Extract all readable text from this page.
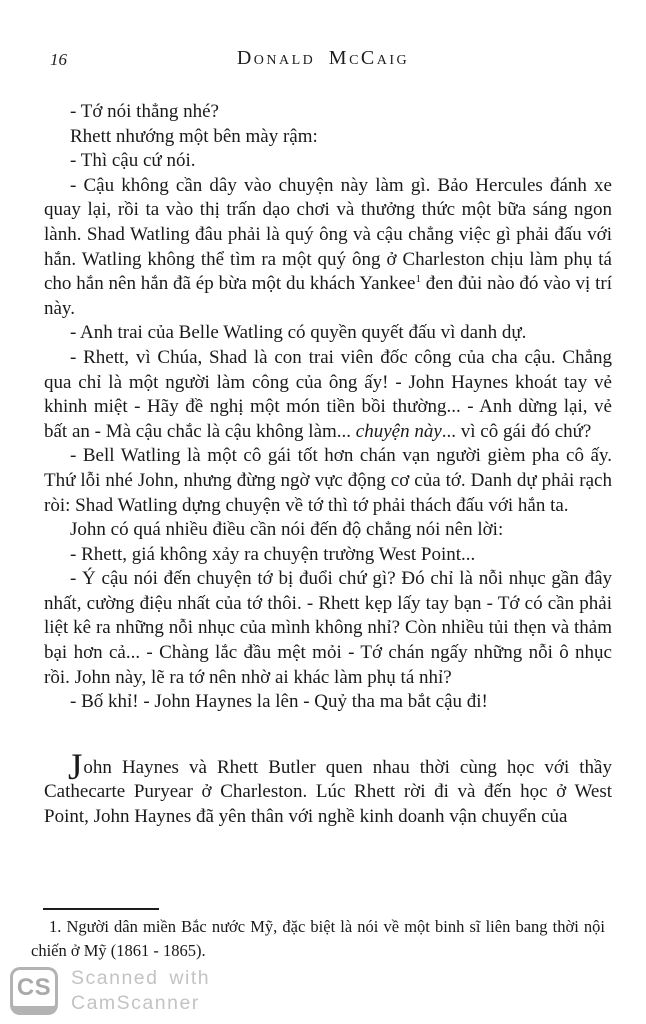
16	Donald McCaig

- Tớ nói thẳng nhé?

Rhett nhướng một bên mày rậm:

- Thì cậu cứ nói.

- Cậu không cần dây vào chuyện này làm gì. Bảo Hercules đánh xe quay lại, rồi ta vào thị trấn dạo chơi và thưởng thức một bữa sáng ngon lành. Shad Watling đâu phải là quý ông và cậu chẳng việc gì phải đấu với hắn. Watling không thể tìm ra một quý ông ở Charleston chịu làm phụ tá cho hắn nên hắn đã ép bừa một du khách Yankee$^1$ đen đủi nào đó vào vị trí này.

- Anh trai của Belle Watling có quyền quyết đấu vì danh dự.

- Rhett, vì Chúa, Shad là con trai viên đốc công của cha cậu. Chẳng qua chỉ là một người làm công của ông ấy! - John Haynes khoát tay vẻ khinh miệt - Hãy đề nghị một món tiền bồi thường... - Anh dừng lại, vẻ bất an - Mà cậu chắc là cậu không làm... chuyện này... vì cô gái đó chứ?

- Bell Watling là một cô gái tốt hơn chán vạn người gièm pha cô ấy. Thứ lỗi nhé John, nhưng đừng ngờ vực động cơ của tớ. Danh dự phải rạch ròi: Shad Watling dựng chuyện về tớ thì tớ phải thách đấu với hắn ta.

John có quá nhiều điều cần nói đến độ chẳng nói nên lời:

- Rhett, giá không xảy ra chuyện trường West Point...

- Ý cậu nói đến chuyện tớ bị đuổi chứ gì? Đó chỉ là nỗi nhục gần đây nhất, cường điệu nhất của tớ thôi. - Rhett kẹp lấy tay bạn - Tớ có cần phải liệt kê ra những nỗi nhục của mình không nhỉ? Còn nhiều tủi thẹn và thảm bại hơn cả... - Chàng lắc đầu mệt mỏi - Tớ chán ngấy những nỗi ô nhục rồi. John này, lẽ ra tớ nên nhờ ai khác làm phụ tá nhỉ?

- Bố khỉ! - John Haynes la lên - Quỷ tha ma bắt cậu đi!

John Haynes và Rhett Butler quen nhau thời cùng học với thầy Cathecarte Puryear ở Charleston. Lúc Rhett rời đi và đến học ở West Point, John Haynes đã yên thân với nghề kinh doanh vận chuyển của

1. Người dân miền Bắc nước Mỹ, đặc biệt là nói về một binh sĩ liên bang thời nội chiến ở Mỹ (1861 - 1865).

CS Scanned with
CamScanner
